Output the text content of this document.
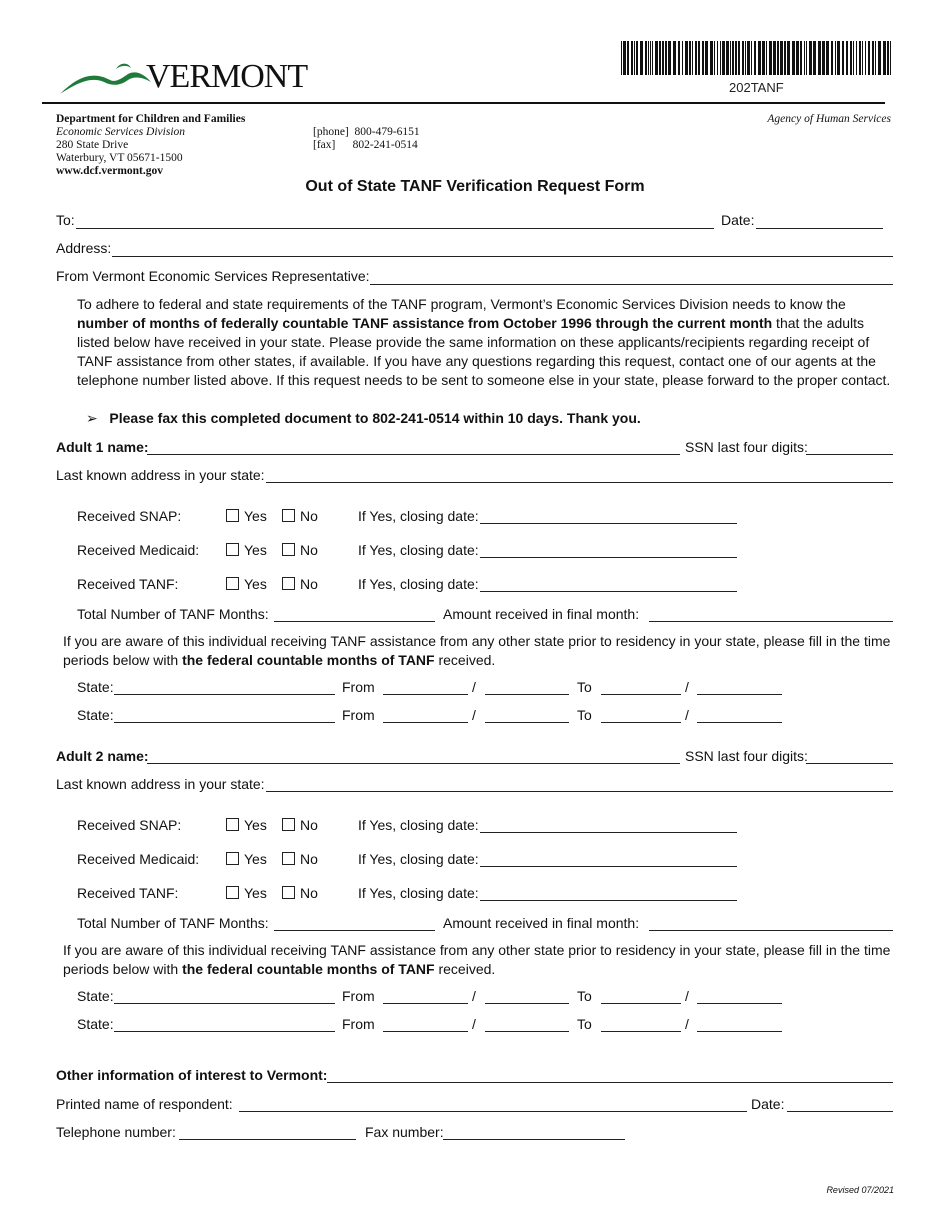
VERMONT	202TANF
Department for Children and Families
Economic Services Division
280 State Drive
Waterbury, VT 05671-1500
www.dcf.vermont.gov
[phone] 800-479-6151
[fax] 802-241-0514
Agency of Human Services
Out of State TANF Verification Request Form
To:	Date:
Address:
From Vermont Economic Services Representative:
To adhere to federal and state requirements of the TANF program, Vermont’s Economic Services Division needs to know the number of months of federally countable TANF assistance from October 1996 through the current month that the adults listed below have received in your state. Please provide the same information on these applicants/recipients regarding receipt of TANF assistance from other states, if available. If you have any questions regarding this request, contact one of our agents at the telephone number listed above. If this request needs to be sent to someone else in your state, please forward to the proper contact.
➢ Please fax this completed document to 802-241-0514 within 10 days. Thank you.
Adult 1 name:	SSN last four digits:
Last known address in your state:
Received SNAP:	Yes	No	If Yes, closing date:
Received Medicaid:	Yes	No	If Yes, closing date:
Received TANF:	Yes	No	If Yes, closing date:
Total Number of TANF Months:	Amount received in final month:
If you are aware of this individual receiving TANF assistance from any other state prior to residency in your state, please fill in the time periods below with the federal countable months of TANF received.
State:	From	/	To	/
State:	From	/	To	/
Adult 2 name:	SSN last four digits:
Last known address in your state:
Received SNAP:	Yes	No	If Yes, closing date:
Received Medicaid:	Yes	No	If Yes, closing date:
Received TANF:	Yes	No	If Yes, closing date:
Total Number of TANF Months:	Amount received in final month:
If you are aware of this individual receiving TANF assistance from any other state prior to residency in your state, please fill in the time periods below with the federal countable months of TANF received.
State:	From	/	To	/
State:	From	/	To	/
Other information of interest to Vermont:
Printed name of respondent:	Date:
Telephone number:	Fax number:
Revised 07/2021
